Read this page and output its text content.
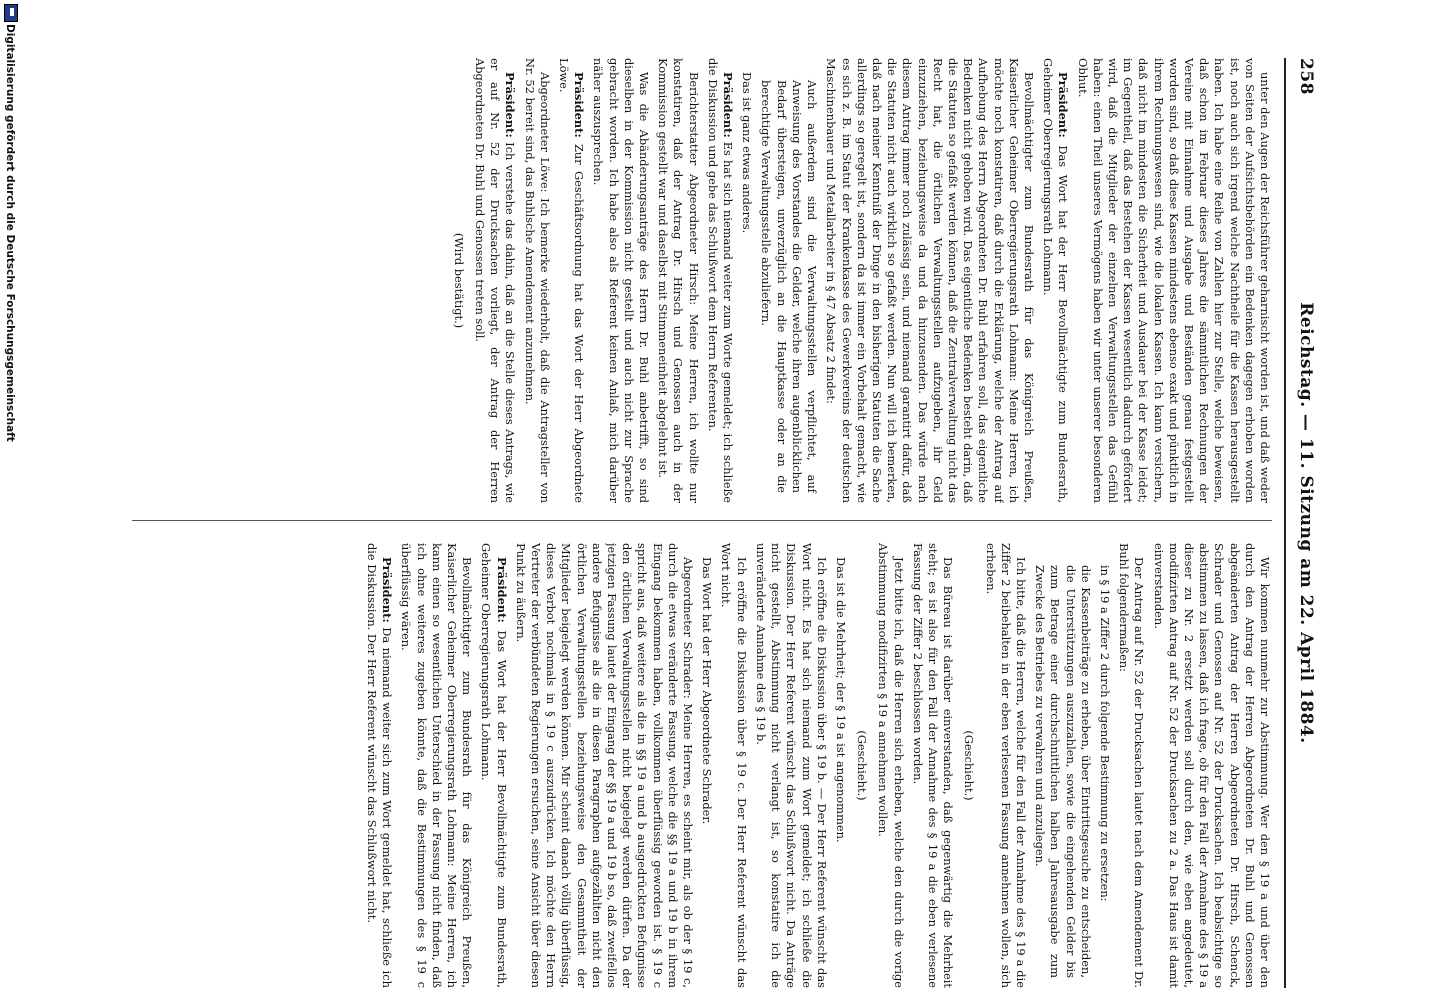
258
Reichstag. — 11. Sitzung am 22. April 1884.

unter den Augen der Reichsführer geharnischt worden ist, und daß weder von Seiten der Aufsichtsbehörden ein Bedenken dagegen erhoben worden ist, noch auch sich irgend welche Nachtheile für die Kassen herausgestellt haben. Ich habe eine Reihe von Zahlen hier zur Stelle, welche beweisen, daß schon im Februar dieses Jahres die sämmtlichen Rechnungen der Vereine mit Einnahme und Ausgabe und Beständen genau festgestellt worden sind, so daß diese Kassen mindestens ebenso exakt und pünktlich in ihrem Rechnungswesen sind, wie die lokalen Kassen. Ich kann versichern, daß nicht im mindesten die Sicherheit und Ausdauer bei der Kasse leidet; im Gegentheil, daß das Bestehen der Kassen wesentlich dadurch gefördert wird, daß die Mitglieder der einzelnen Verwaltungsstellen das Gefühl haben: einen Theil unseres Vermögens haben wir unter unserer besonderen Obhut.

Präsident: Das Wort hat der Herr Bevollmächtigte zum Bundesrath, Geheimer Oberregierungsrath Lohmann.

Bevollmächtigter zum Bundesrath für das Königreich Preußen, Kaiserlicher Geheimer Oberregierungsrath Lohmann: Meine Herren, ich möchte noch konstatiren, daß durch die Erklärung, welche der Antrag auf Aufhebung des Herrn Abgeordneten Dr. Buhl erfahren soll, das eigentliche Bedenken nicht gehoben wird. Das eigentliche Bedenken besteht darin, daß die Statuten so gefaßt werden können, daß die Zentralverwaltung nicht das Recht hat, die örtlichen Verwaltungsstellen aufzugeben, ihr Geld einzuziehen, beziehungsweise da und da hinzusenden. Das würde nach diesem Antrag immer noch zulässig sein, und niemand garantirt dafür, daß die Statuten nicht auch wirklich so gefaßt werden. Nun will ich bemerken, daß nach meiner Kenntniß der Dinge in den bisherigen Statuten die Sache allerdings so geregelt ist, sondern da ist immer ein Vorbehalt gemacht, wie es sich z. B. im Statut der Krankenkasse des Gewerkvereins der deutschen Maschinenbauer und Metallarbeiter in § 47 Absatz 2 findet:

Auch außerdem sind die Verwaltungsstellen verpflichtet, auf Anweisung des Vorstandes die Gelder, welche ihren augenblicklichen Bedarf übersteigen, unverzüglich an die Hauptkasse oder an die berechtigte Verwaltungsstelle abzuliefern.

Das ist ganz etwas anderes.

Präsident: Es hat sich niemand weiter zum Worte gemeldet; ich schließe die Diskussion und gebe das Schlußwort dem Herrn Referenten.

Berichterstatter Abgeordneter Hirsch: Meine Herren, ich wollte nur konstatiren, daß der Antrag Dr. Hirsch und Genossen auch in der Kommission gestellt war und daselbst mit Stimmeneinheit abgelehnt ist.

Was die Abänderungsanträge des Herrn Dr. Buhl anbetrifft, so sind dieselben in der Kommission nicht gestellt und auch nicht zur Sprache gebracht worden. Ich habe also als Referent keinen Anlaß, mich darüber näher auszusprechen.

Präsident: Zur Geschäftsordnung hat das Wort der Herr Abgeordnete Löwe.

Abgeordneter Löwe: Ich bemerke wiederholt, daß die Antragsteller von Nr. 52 bereit sind, das Buhlsche Amendement anzunehmen.

Präsident: Ich verstehe das dahin, daß an die Stelle dieses Antrags, wie er auf Nr. 52 der Drucksachen vorliegt, der Antrag der Herren Abgeordneten Dr. Buhl und Genossen treten soll.

(Wird bestätigt.)

Wir kommen nunmehr zur Abstimmung. Wer den § 19 a und über den durch den Antrag der Herren Abgeordneten Dr. Buhl und Genossen abgeänderten Antrag der Herren Abgeordneten Dr. Hirsch, Schenck, Schrader und Genossen auf Nr. 52 der Drucksachen. Ich beabsichtige so abstimmen zu lassen, daß ich frage, ob für den Fall der Annahme des § 19 a dieser zu Nr. 2 ersetzt werden soll durch den, wie eben angedeutet, modifizirten Antrag auf Nr. 52 der Drucksachen zu 2 a. Das Haus ist damit einverstanden.

Der Antrag auf Nr. 52 der Drucksachen lautet nach dem Amendement Dr. Buhl folgendermaßen:

in § 19 a Ziffer 2 durch folgende Bestimmung zu ersetzen:

die Kassenbeiträge zu erheben, über Eintrittsgesuche zu entscheiden, die Unterstützungen auszuzahlen, sowie die eingehenden Gelder bis zum Betrage einer durchschnittlichen halben Jahresausgabe zum Zwecke des Betriebes zu verwahren und anzulegen.

Ich bitte, daß die Herren, welche für den Fall der Annahme des § 19 a die Ziffer 2 beibehalten in der eben verlesenen Fassung annehmen wollen, sich erheben.

(Geschieht.)

Das Büreau ist darüber einverstanden, daß gegenwärtig die Mehrheit steht; es ist also für den Fall der Annahme des § 19 a die eben verlesene Fassung der Ziffer 2 beschlossen worden.

Jetzt bitte ich, daß die Herren sich erheben, welche den durch die vorige Abstimmung modifizirten § 19 a annehmen wollen.

(Geschieht.)

Das ist die Mehrheit; der § 19 a ist angenommen.

Ich eröffne die Diskussion über § 19 b. — Der Herr Referent wünscht das Wort nicht. Es hat sich niemand zum Wort gemeldet; ich schließe die Diskussion. Der Herr Referent wünscht das Schlußwort nicht. Da Anträge nicht gestellt, Abstimmung nicht verlangt ist, so konstatire ich die unveränderte Annahme des § 19 b.

Ich eröffne die Diskussion über § 19 c. Der Herr Referent wünscht das Wort nicht.

Das Wort hat der Herr Abgeordnete Schrader.

Abgeordneter Schrader: Meine Herren, es scheint mir, als ob der § 19 c, durch die etwas veränderte Fassung, welche die §§ 19 a und 19 b in ihrem Eingang bekommen haben, vollkommen überflüssig geworden ist. § 19 c spricht aus, daß weitere als die in §§ 19 a und b ausgedrückten Befugnisse den örtlichen Verwaltungsstellen nicht beigelegt werden dürfen. Da der jetzigen Fassung lautet der Eingang der §§ 19 a und 19 b so, daß zweifellos andere Befugnisse als die in diesen Paragraphen aufgezählten nicht den örtlichen Verwaltungsstellen beziehungsweise den Gesammtheit der Mitglieder beigelegt werden können. Mir scheint danach völlig überflüssig, dieses Verbot nochmals in § 19 c auszudrücken. Ich möchte den Herrn Vertreter der verbündeten Regierungen ersuchen, seine Ansicht über diesen Punkt zu äußern.

Präsident: Das Wort hat der Herr Bevollmächtigte zum Bundesrath, Geheimer Oberregierungsrath Lohmann.

Bevollmächtigter zum Bundesrath für das Königreich Preußen, Kaiserlicher Geheimer Oberregierungsrath Lohmann: Meine Herren, ich kann einen so wesentlichen Unterschied in der Fassung nicht finden, daß ich ohne weiteres zugeben könnte, daß die Bestimmungen des § 19 c überflüssig wären.

Präsident: Da niemand weiter sich zum Wort gemeldet hat, schließe ich die Diskussion. Der Herr Referent wünscht das Schlußwort nicht.

Digitalisierung gefördert durch die Deutsche Forschungsgemeinschaft
